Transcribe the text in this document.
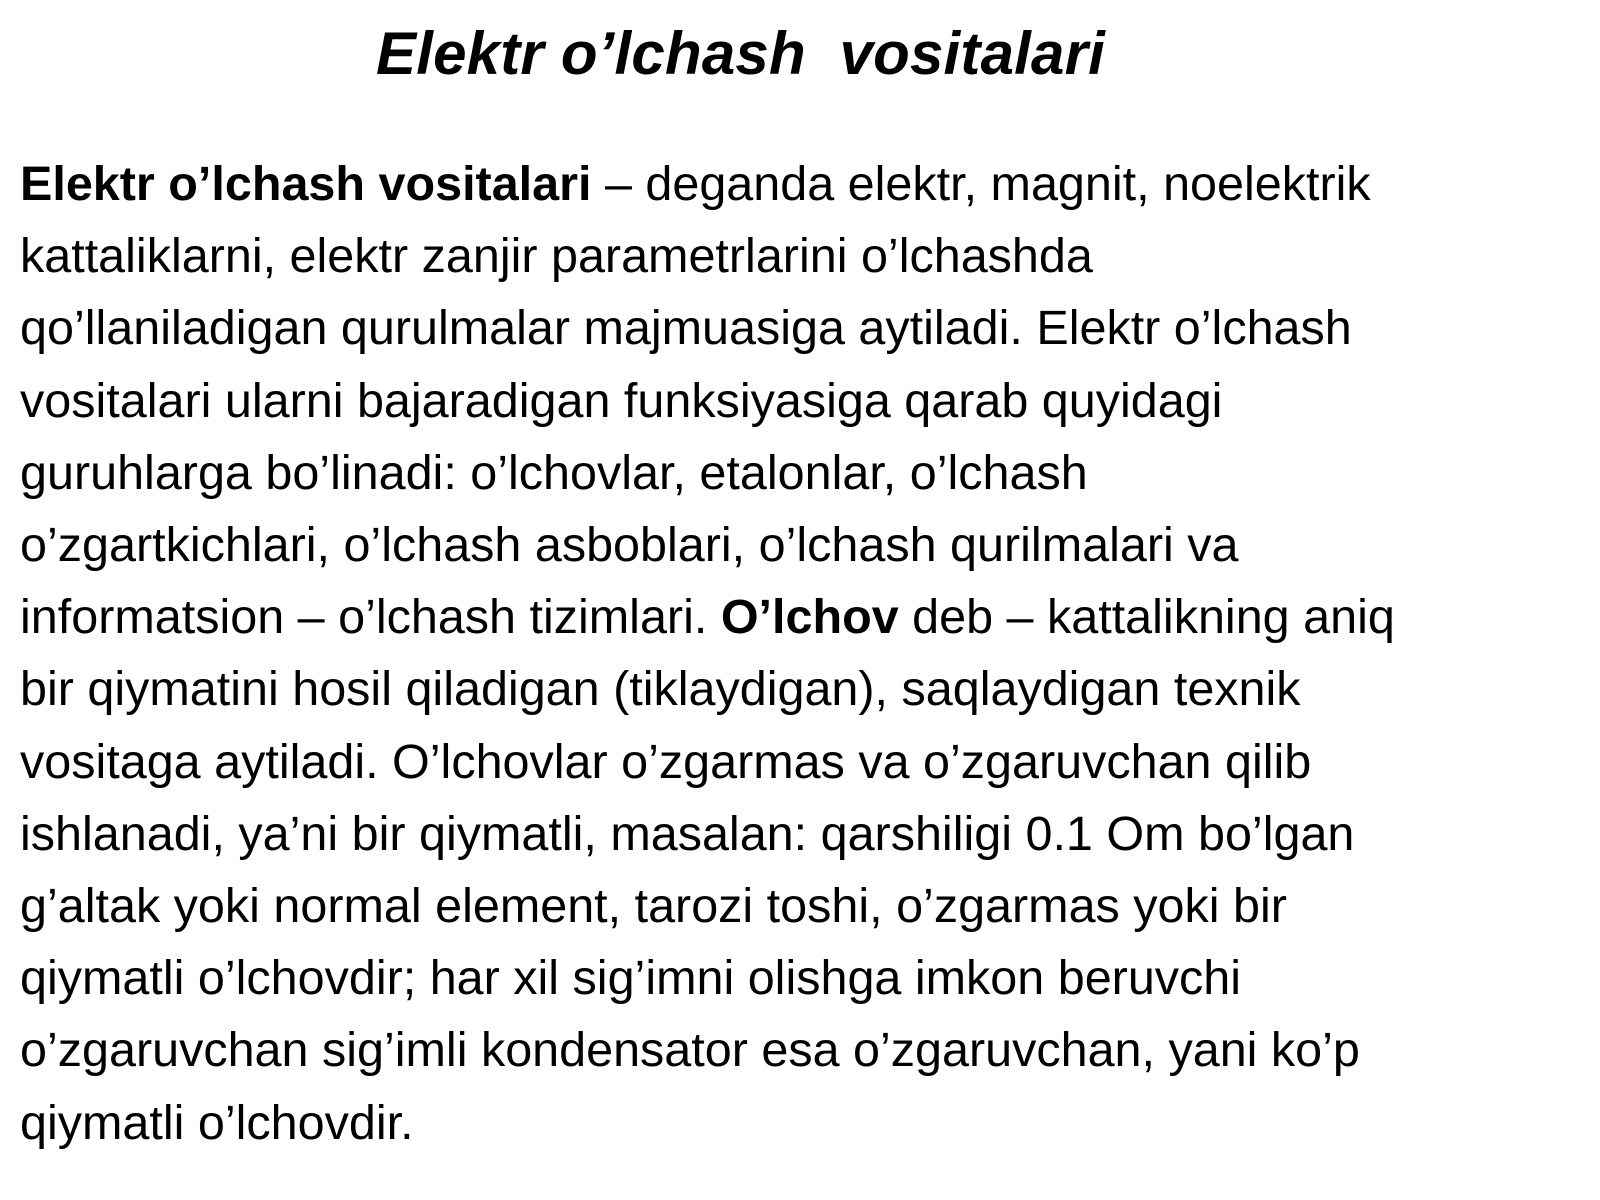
Elektr o’lchash  vositalari
Elektr o’lchash vositalari – deganda elektr, magnit, noelektrik
kattaliklarni, elektr zanjir parametrlarini o’lchashda
qo’llaniladigan qurulmalar majmuasiga aytiladi. Elektr o’lchash
vositalari ularni bajaradigan funksiyasiga qarab quyidagi
guruhlarga bo’linadi: o’lchovlar, etalonlar, o’lchash
o’zgartkichlari, o’lchash asboblari, o’lchash qurilmalari va
informatsion – o’lchash tizimlari. O’lchov deb – kattalikning aniq
bir qiymatini hosil qiladigan (tiklaydigan), saqlaydigan texnik
vositaga aytiladi. O’lchovlar o’zgarmas va o’zgaruvchan qilib
ishlanadi, ya’ni bir qiymatli, masalan: qarshiligi 0.1 Om bo’lgan
g’altak yoki normal element, tarozi toshi, o’zgarmas yoki bir
qiymatli o’lchovdir; har xil sig’imni olishga imkon beruvchi
o’zgaruvchan sig’imli kondensator esa o’zgaruvchan, yani ko’p
qiymatli o’lchovdir.
